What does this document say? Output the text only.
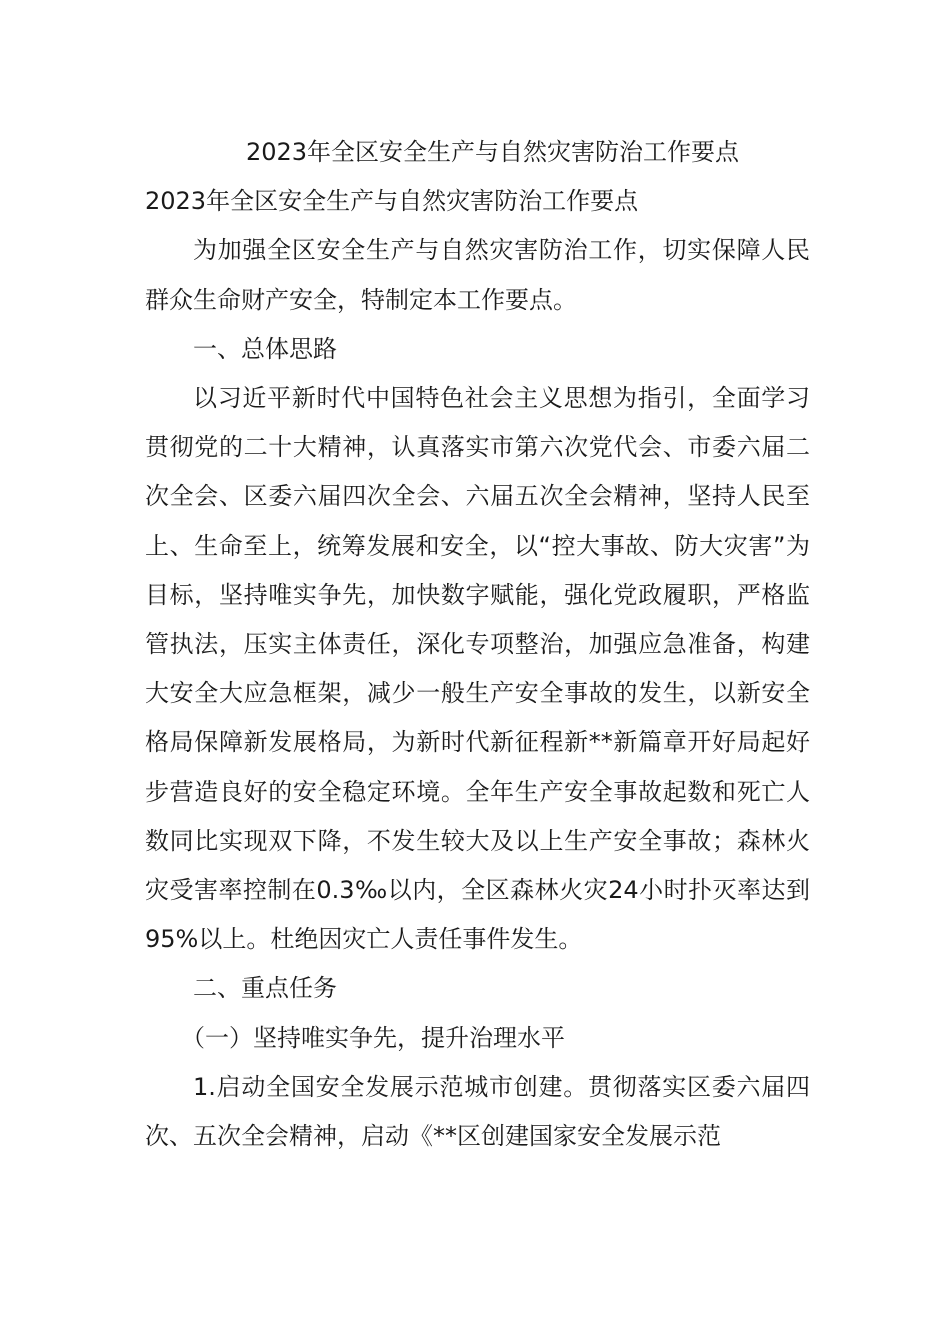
2023年全区安全生产与自然灾害防治工作要点

2023年全区安全生产与自然灾害防治工作要点

为加强全区安全生产与自然灾害防治工作，切实保障人民群众生命财产安全，特制定本工作要点。

一、总体思路

以习近平新时代中国特色社会主义思想为指引，全面学习贯彻党的二十大精神，认真落实市第六次党代会、市委六届二次全会、区委六届四次全会、六届五次全会精神，坚持人民至上、生命至上，统筹发展和安全，以“控大事故、防大灾害”为目标，坚持唯实争先，加快数字赋能，强化党政履职，严格监管执法，压实主体责任，深化专项整治，加强应急准备，构建大安全大应急框架，减少一般生产安全事故的发生，以新安全格局保障新发展格局，为新时代新征程新**新篇章开好局起好步营造良好的安全稳定环境。全年生产安全事故起数和死亡人数同比实现双下降，不发生较大及以上生产安全事故；森林火灾受害率控制在0.3‰以内，全区森林火灾24小时扑灭率达到95%以上。杜绝因灾亡人责任事件发生。

二、重点任务

（一）坚持唯实争先，提升治理水平

1.启动全国安全发展示范城市创建。贯彻落实区委六届四次、五次全会精神，启动《**区创建国家安全发展示范
